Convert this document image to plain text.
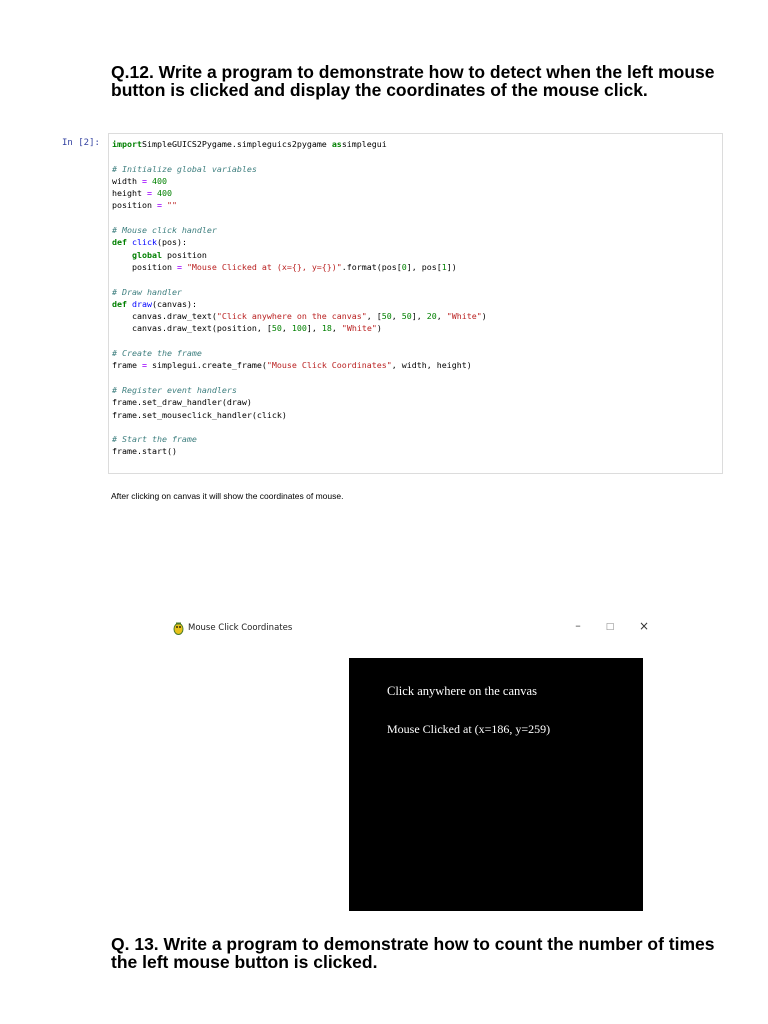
Q.12. Write a program to demonstrate how to detect when the left mouse button is clicked and display the coordinates of the mouse click.
In [2]: importSimpleGUICS2Pygame.simpleguics2pygame assimplegui

# Initialize global variables
width = 400
height = 400
position = ""

# Mouse click handler
def click(pos):
global position
position = "Mouse Clicked at (x={}, y={})".format(pos[0], pos[1])

# Draw handler
def draw(canvas):
canvas.draw_text("Click anywhere on the canvas", [50, 50], 20, "White")
canvas.draw_text(position, [50, 100], 18, "White")

# Create the frame
frame = simplegui.create_frame("Mouse Click Coordinates", width, height)

# Register event handlers
frame.set_draw_handler(draw)
frame.set_mouseclick_handler(click)

# Start the frame
frame.start()
After clicking on canvas it will show the coordinates of mouse.
Mouse Click Coordinates	–	□	×
Click anywhere on the canvas
Mouse Clicked at (x=186, y=259)
Q. 13. Write a program to demonstrate how to count the number of times the left mouse button is clicked.
